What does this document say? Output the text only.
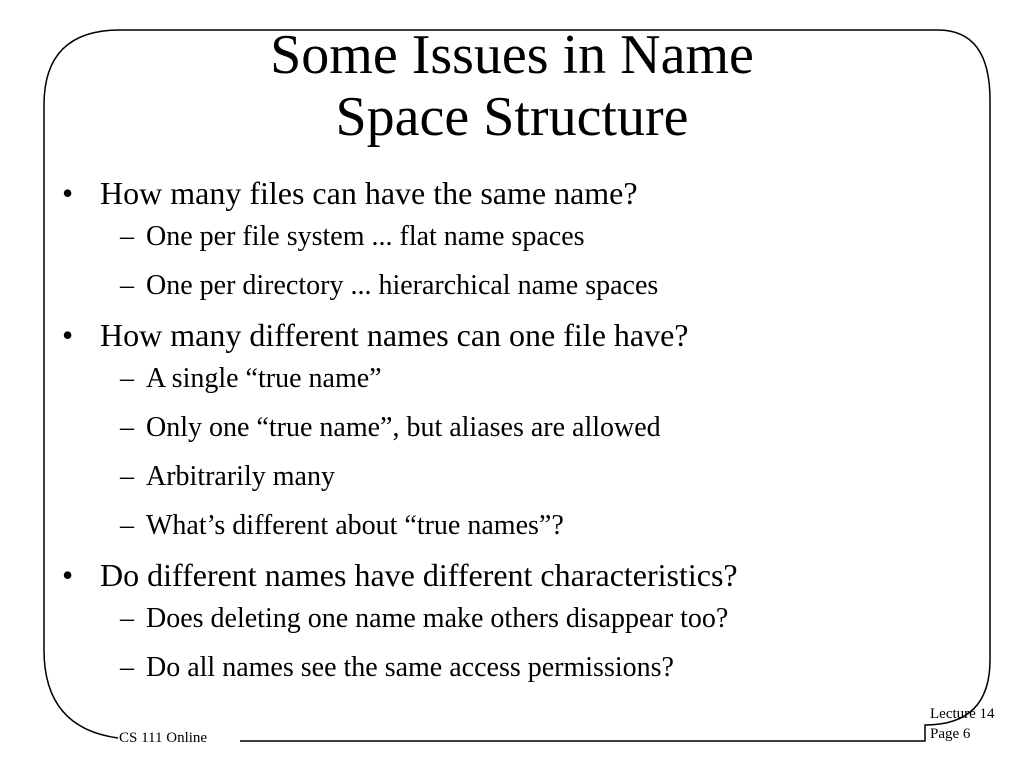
Some Issues in Name
Space Structure
• How many files can have the same name?
– One per file system ... flat name spaces
– One per directory ... hierarchical name spaces
• How many different names can one file have?
– A single “true name”
– Only one “true name”, but aliases are allowed
– Arbitrarily many
– What’s different about “true names”?
• Do different names have different characteristics?
– Does deleting one name make others disappear too?
– Do all names see the same access permissions?
CS 111 Online
Lecture 14
Page 6
